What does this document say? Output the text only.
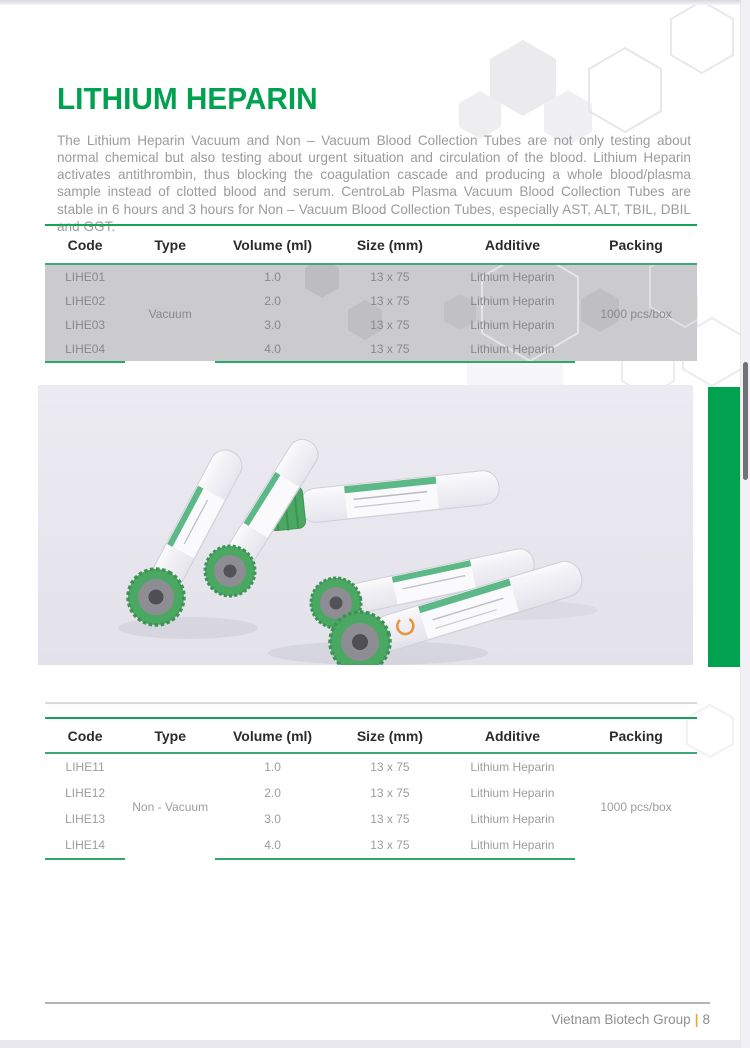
LITHIUM HEPARIN

The Lithium Heparin Vacuum and Non – Vacuum Blood Collection Tubes are not only testing about normal chemical but also testing about urgent situation and circulation of the blood. Lithium Heparin activates antithrombin, thus blocking the coagulation cascade and producing a whole blood/plasma sample instead of clotted blood and serum. CentroLab Plasma Vacuum Blood Collection Tubes are stable in 6 hours and 3 hours for Non – Vacuum Blood Collection Tubes, especially AST, ALT, TBIL, DBIL and GGT.

Code	Type	Volume (ml)	Size (mm)	Additive	Packing
LIHE01	Vacuum	1.0	13 x 75	Lithium Heparin	1000 pcs/box
LIHE02		2.0	13 x 75	Lithium Heparin	
LIHE03		3.0	13 x 75	Lithium Heparin	
LIHE04		4.0	13 x 75	Lithium Heparin	
Code	Type	Volume (ml)	Size (mm)	Additive	Packing
LIHE11	Non - Vacuum	1.0	13 x 75	Lithium Heparin	1000 pcs/box
LIHE12		2.0	13 x 75	Lithium Heparin	
LIHE13		3.0	13 x 75	Lithium Heparin	
LIHE14		4.0	13 x 75	Lithium Heparin	
Vietnam Biotech Group | 8
